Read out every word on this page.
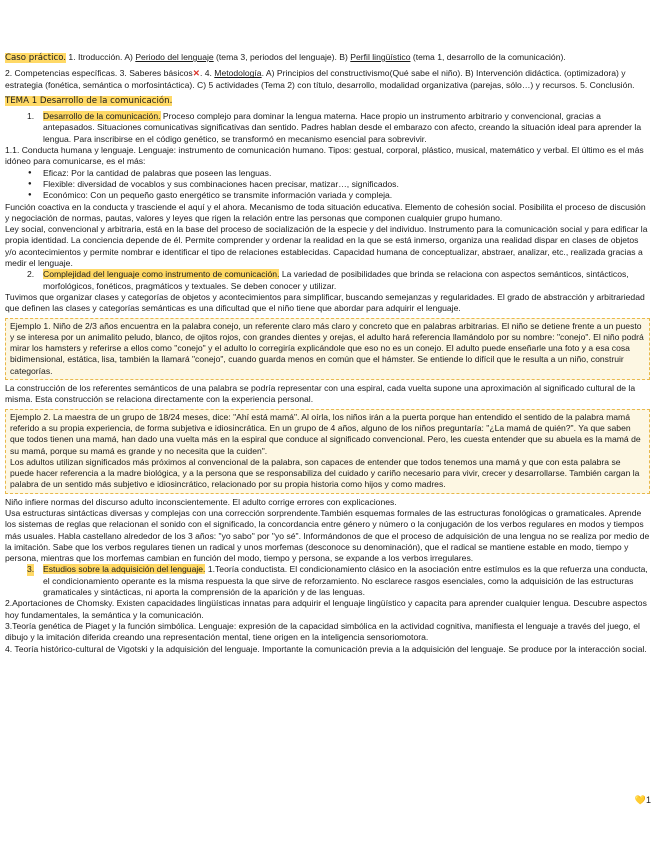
Caso práctico. 1. Itroducción. A) Periodo del lenguaje (tema 3, periodos del lenguaje). B) Perfil lingüístico (tema 1, desarrollo de la comunicación).

2. Competencias específicas. 3. Saberes básicos✕. 4. Metodología. A) Principios del constructivismo(Qué sabe el niño). B) Intervención didáctica. (optimizadora) y estrategia (fonética, semántica o morfosintáctica). C) 5 actividades (Tema 2) con título, desarrollo, modalidad organizativa (parejas, sólo…) y recursos. 5. Conclusión.

TEMA 1 Desarrollo de la comunicación.

1. Desarrollo de la comunicación. Proceso complejo para dominar la lengua materna. Hace propio un instrumento arbitrario y convencional, gracias a antepasados. Situaciones comunicativas significativas dan sentido. Padres hablan desde el embarazo con afecto, creando la situación ideal para aprender la lengua. Para inscribirse en el código genético, se transformó en mecanismo esencial para sobrevivir.

1.1. Conducta humana y lenguaje. Lenguaje: instrumento de comunicación humano. Tipos: gestual, corporal, plástico, musical, matemático y verbal. El último es el más idóneo para comunicarse, es el más:

● Eficaz: Por la cantidad de palabras que poseen las lenguas.

● Flexible: diversidad de vocablos y sus combinaciones hacen precisar, matizar…, significados.

● Económico: Con un pequeño gasto energético se transmite información variada y compleja.

Función coactiva en la conducta y trasciende el aquí y el ahora. Mecanismo de toda situación educativa. Elemento de cohesión social. Posibilita el proceso de discusión y negociación de normas, pautas, valores y leyes que rigen la relación entre las personas que componen cualquier grupo humano.

Ley social, convencional y arbitraria, está en la base del proceso de socialización de la especie y del individuo. Instrumento para la comunicación social y para edificar la propia identidad. La conciencia depende de él. Permite comprender y ordenar la realidad en la que se está inmerso, organiza una realidad dispar en clases de objetos y/o acontecimientos y permite nombrar e identificar el tipo de relaciones establecidas. Capacidad humana de conceptualizar, abstraer, analizar, etc., realizada gracias a medir el lenguaje.

2. Complejidad del lenguaje como instrumento de comunicación. La variedad de posibilidades que brinda se relaciona con aspectos semánticos, sintácticos, morfológicos, fonéticos, pragmáticos y textuales. Se deben conocer y utilizar.

Tuvimos que organizar clases y categorías de objetos y acontecimientos para simplificar, buscando semejanzas y regularidades. El grado de abstracción y arbitrariedad que definen las clases y categorías semánticas es una dificultad que el niño tiene que abordar para adquirir el lenguaje.

Ejemplo 1. Niño de 2/3 años encuentra en la palabra conejo, un referente claro más claro y concreto que en palabras arbitrarias. El niño se detiene frente a un puesto y se interesa por un animalito peludo, blanco, de ojitos rojos, con grandes dientes y orejas, el adulto hará referencia llamándolo por su nombre: "conejo". El niño podrá mirar los hamsters y referirse a ellos como "conejo" y el adulto lo corregiría explicándole que eso no es un conejo. El adulto puede enseñarle una foto y a esa cosa bidimensional, estática, lisa, también la llamará "conejo", cuando guarda menos en común que el hámster. Se entiende lo difícil que le resulta a un niño, construir categorías.

La construcción de los referentes semánticos de una palabra se podría representar con una espiral, cada vuelta supone una aproximación al significado cultural de la misma. Esta construcción se relaciona directamente con la experiencia personal.

Ejemplo 2. La maestra de un grupo de 18/24 meses, dice: "Ahí está mamá". Al oírla, los niños irán a la puerta porque han entendido el sentido de la palabra mamá referido a su propia experiencia, de forma subjetiva e idiosincrática. En un grupo de 4 años, alguno de los niños preguntaría: "¿La mamá de quién?". Ya que saben que todos tienen una mamá, han dado una vuelta más en la espiral que conduce al significado convencional. Pero, les cuesta entender que su abuela es la mamá de su mamá, porque su mamá es grande y no necesita que la cuiden".

Los adultos utilizan significados más próximos al convencional de la palabra, son capaces de entender que todos tenemos una mamá y que con esta palabra se puede hacer referencia a la madre biológica, y a la persona que se responsabiliza del cuidado y cariño necesario para vivir, crecer y desarrollarse. También cargan la palabra de un sentido más subjetivo e idiosincrático, relacionado por su propia historia como hijos y como madres.

Niño infiere normas del discurso adulto inconscientemente. El adulto corrige errores con explicaciones.

Usa estructuras sintácticas diversas y complejas con una corrección sorprendente.También esquemas formales de las estructuras fonológicas o gramaticales. Aprende los sistemas de reglas que relacionan el sonido con el significado, la concordancia entre género y número o la conjugación de los verbos regulares en modos y tiempos más usuales. Habla castellano alrededor de los 3 años: "yo sabo" por "yo sé". Informándonos de que el proceso de adquisición de una lengua no se realiza por medio de la imitación. Sabe que los verbos regulares tienen un radical y unos morfemas (desconoce su denominación), que el radical se mantiene estable en modo, tiempo y persona, mientras que los morfemas cambian en función del modo, tiempo y persona, se expande a los verbos irregulares.

3. Estudios sobre la adquisición del lenguaje. 1.Teoría conductista. El condicionamiento clásico en la asociación entre estímulos es la que refuerza una conducta, el condicionamiento operante es la misma respuesta la que sirve de reforzamiento. No esclarece rasgos esenciales, como la adquisición de las estructuras gramaticales y sintácticas, ni aporta la comprensión de la aparición y de las lenguas.

2.Aportaciones de Chomsky. Existen capacidades lingüísticas innatas para adquirir el lenguaje lingüístico y capacita para aprender cualquier lengua. Descubre aspectos hoy fundamentales, la semántica y la comunicación.

3.Teoría genética de Piaget y la función simbólica. Lenguaje: expresión de la capacidad simbólica en la actividad cognitiva, manifiesta el lenguaje a través del juego, el dibujo y la imitación diferida creando una representación mental, tiene origen en la inteligencia sensoriomotora.

4. Teoría histórico-cultural de Vigotski y la adquisición del lenguaje. Importante la comunicación previa a la adquisición del lenguaje. Se produce por la interacción social.

💛1
